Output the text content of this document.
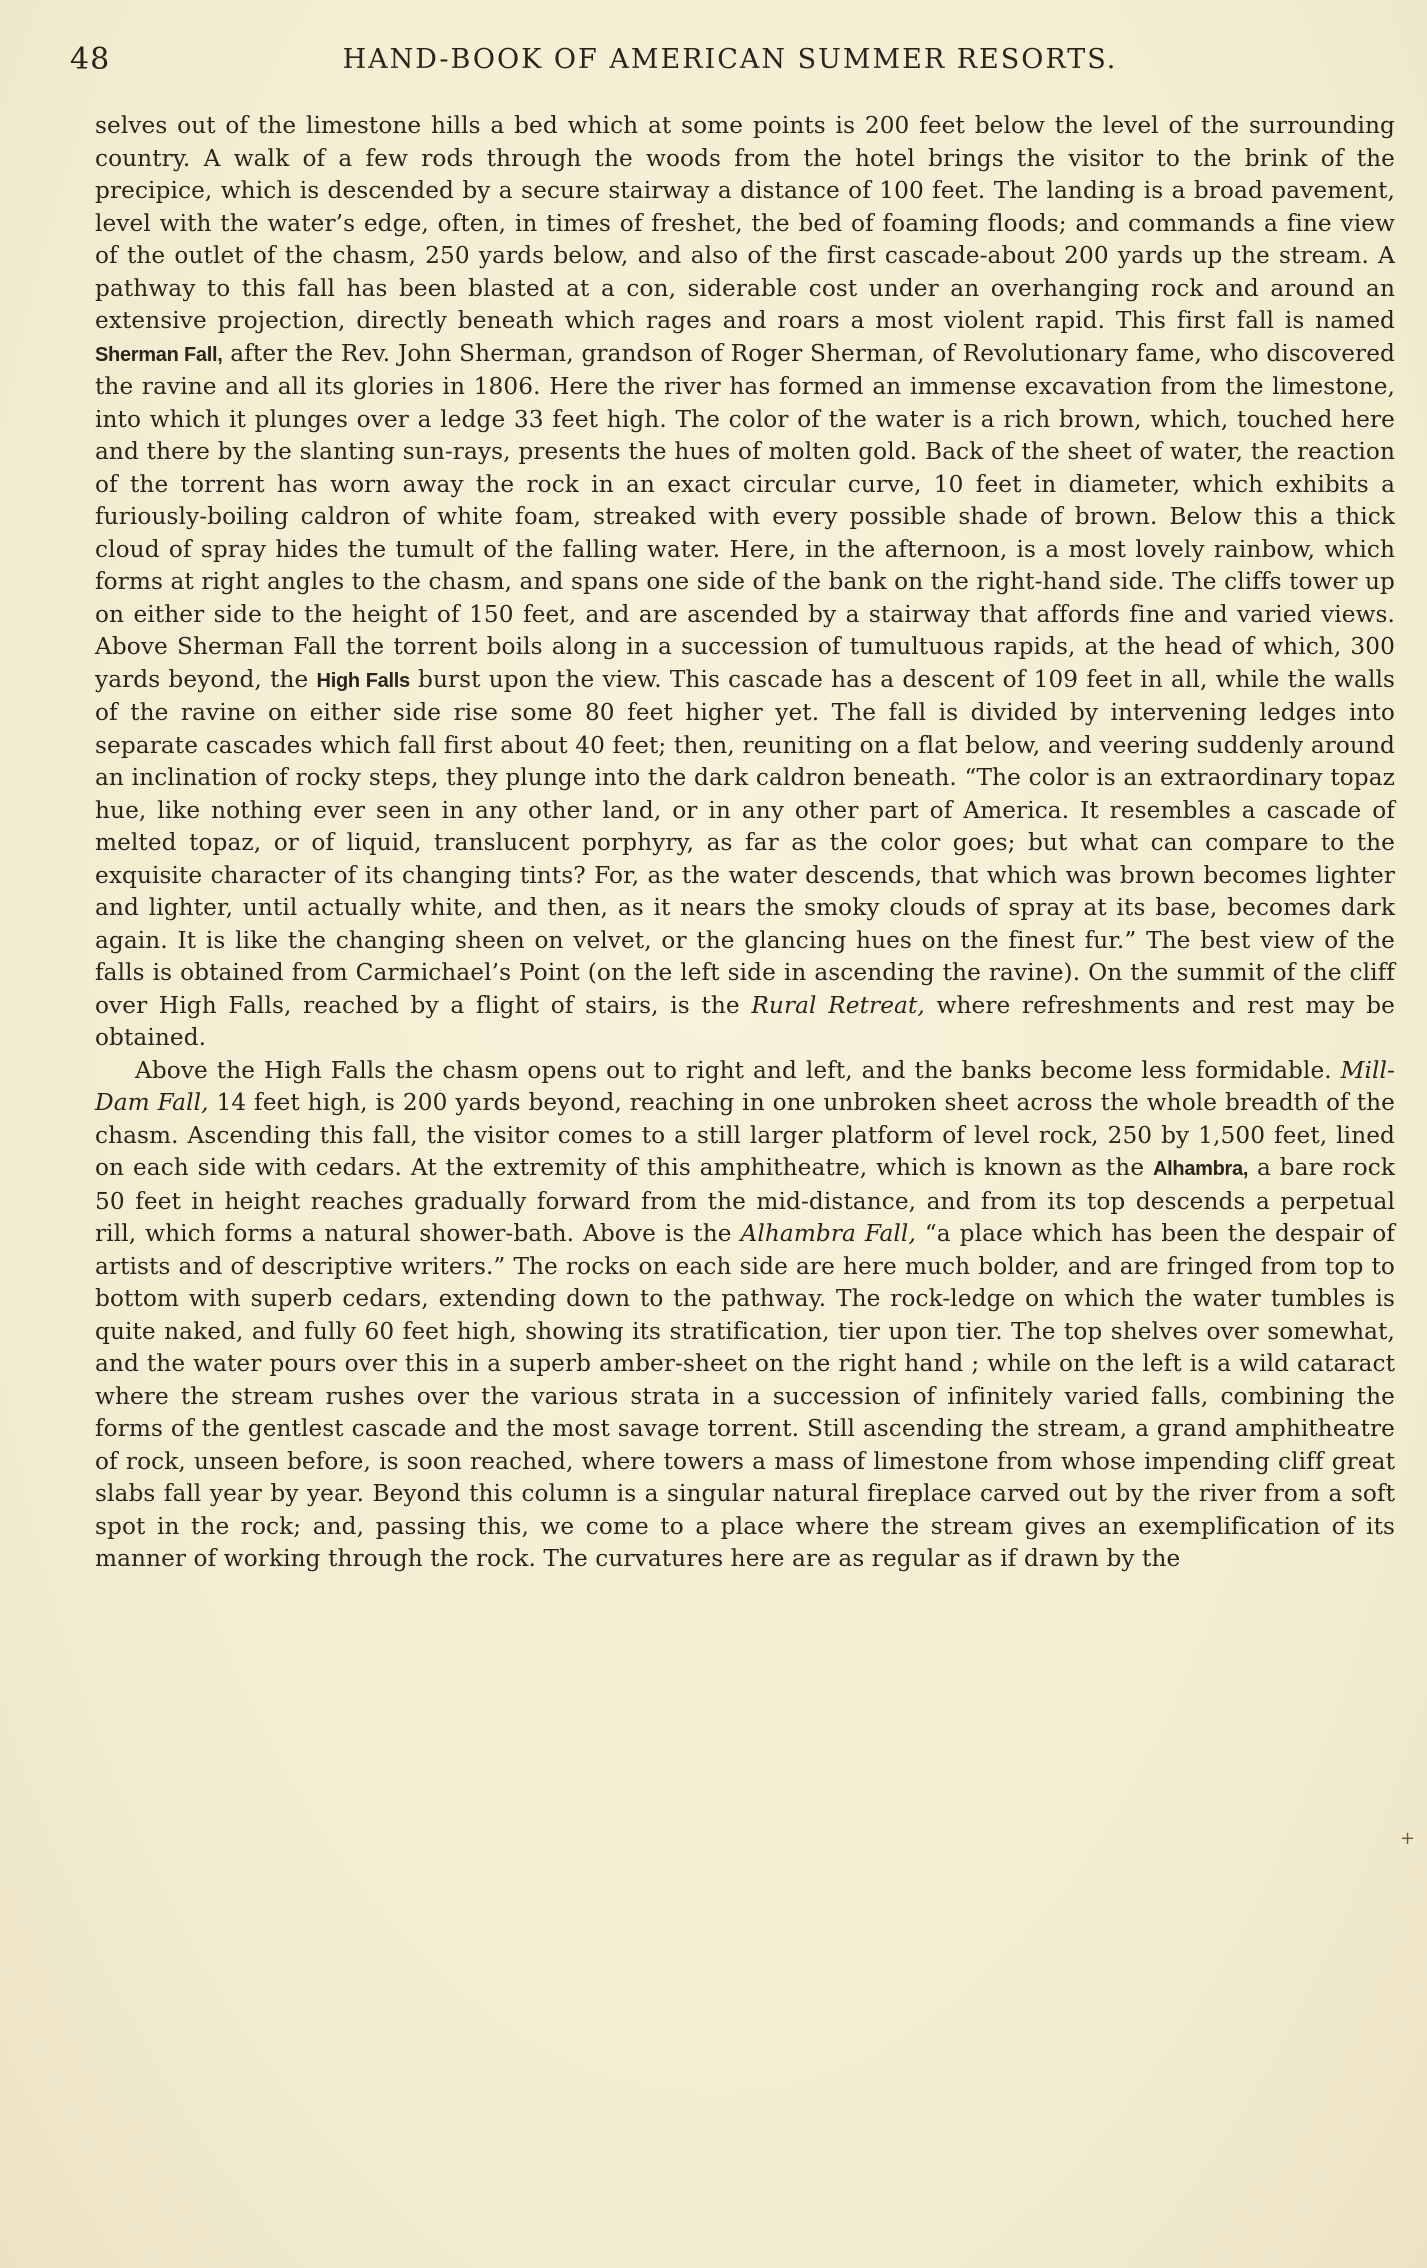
48	HAND-BOOK OF AMERICAN SUMMER RESORTS.

selves out of the limestone hills a bed which at some points is 200 feet below the level of the surrounding country. A walk of a few rods through the woods from the hotel brings the visitor to the brink of the precipice, which is descended by a secure stairway a distance of 100 feet. The landing is a broad pavement, level with the water’s edge, often, in times of freshet, the bed of foaming floods; and commands a fine view of the outlet of the chasm, 250 yards below, and also of the first cascade-about 200 yards up the stream. A pathway to this fall has been blasted at a con, siderable cost under an overhanging rock and around an extensive projection, directly beneath which rages and roars a most violent rapid. This first fall is named Sherman Fall, after the Rev. John Sherman, grandson of Roger Sherman, of Revolutionary fame, who discovered the ravine and all its glories in 1806. Here the river has formed an immense excavation from the limestone, into which it plunges over a ledge 33 feet high. The color of the water is a rich brown, which, touched here and there by the slanting sun-rays, presents the hues of molten gold. Back of the sheet of water, the reaction of the torrent has worn away the rock in an exact circular curve, 10 feet in diameter, which exhibits a furiously-boiling caldron of white foam, streaked with every possible shade of brown. Below this a thick cloud of spray hides the tumult of the falling water. Here, in the afternoon, is a most lovely rainbow, which forms at right angles to the chasm, and spans one side of the bank on the right-hand side. The cliffs tower up on either side to the height of 150 feet, and are ascended by a stairway that affords fine and varied views. Above Sherman Fall the torrent boils along in a succession of tumultuous rapids, at the head of which, 300 yards beyond, the High Falls burst upon the view. This cascade has a descent of 109 feet in all, while the walls of the ravine on either side rise some 80 feet higher yet. The fall is divided by intervening ledges into separate cascades which fall first about 40 feet; then, reuniting on a flat below, and veering suddenly around an inclination of rocky steps, they plunge into the dark caldron beneath. “The color is an extraordinary topaz hue, like nothing ever seen in any other land, or in any other part of America. It resembles a cascade of melted topaz, or of liquid, translucent porphyry, as far as the color goes; but what can compare to the exquisite character of its changing tints? For, as the water descends, that which was brown becomes lighter and lighter, until actually white, and then, as it nears the smoky clouds of spray at its base, becomes dark again. It is like the changing sheen on velvet, or the glancing hues on the finest fur.” The best view of the falls is obtained from Carmichael’s Point (on the left side in ascending the ravine). On the summit of the cliff over High Falls, reached by a flight of stairs, is the Rural Retreat, where refreshments and rest may be obtained.

Above the High Falls the chasm opens out to right and left, and the banks become less formidable. Mill-Dam Fall, 14 feet high, is 200 yards beyond, reaching in one unbroken sheet across the whole breadth of the chasm. Ascending this fall, the visitor comes to a still larger platform of level rock, 250 by 1,500 feet, lined on each side with cedars. At the extremity of this amphitheatre, which is known as the Alhambra, a bare rock 50 feet in height reaches gradually forward from the mid-distance, and from its top descends a perpetual rill, which forms a natural shower-bath. Above is the Alhambra Fall, “a place which has been the despair of artists and of descriptive writers.” The rocks on each side are here much bolder, and are fringed from top to bottom with superb cedars, extending down to the pathway. The rock-ledge on which the water tumbles is quite naked, and fully 60 feet high, showing its stratification, tier upon tier. The top shelves over somewhat, and the water pours over this in a superb amber-sheet on the right hand ; while on the left is a wild cataract where the stream rushes over the various strata in a succession of infinitely varied falls, combining the forms of the gentlest cascade and the most savage torrent. Still ascending the stream, a grand amphitheatre of rock, unseen before, is soon reached, where towers a mass of limestone from whose impending cliff great slabs fall year by year. Beyond this column is a singular natural fireplace carved out by the river from a soft spot in the rock; and, passing this, we come to a place where the stream gives an exemplification of its manner of working through the rock. The curvatures here are as regular as if drawn by the

+
